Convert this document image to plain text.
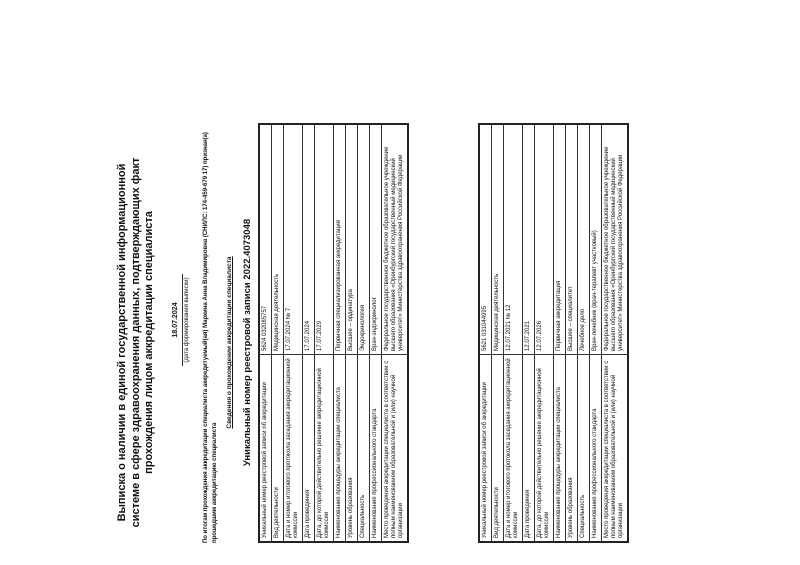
Выписка о наличии в единой государственной информационной системе в сфере здравоохранения данных, подтверждающих факт прохождения лицом аккредитации специалиста 18.07.2024 (дата формирования выписки) По итогам прохождения аккредитации специалиста аккредитуемый(ая) Маркина Анна Владимировна (СНИЛС: 174-459-679 17) признан(а) прошедшим аккредитацию специалиста
Сведения о прохождении аккредитации специалиста Уникальный номер реестровой записи 2022.4073048 Уникальный номер реестровой записи об аккредитации	5624 032085757
Вид деятельности	Медицинская деятельность
Дата и номер итогового протокола заседания аккредитационной комиссии	17.07.2024 № 7
Дата проведения	17.07.2024
Дата, до которой действительно решение аккредитационной комиссии	17.07.2029
Наименование процедуры аккредитации специалиста	Первичная специализированная аккредитация
Уровень образования	Высшее – ординатура
Специальность	Эндокринология
Наименование профессионального стандарта	Врач-эндокринолог
Место проведения аккредитации специалиста в соответствии с полным наименованием образовательной и (или) научной организации	Федеральное государственное бюджетное образовательное учреждение высшего образования «Оренбургский государственный медицинский университет» Министерства здравоохранения Российской Федерации
Уникальный номер реестровой записи об аккредитации	5621 031044995
Вид деятельности	Медицинская деятельность
Дата и номер итогового протокола заседания аккредитационной комиссии	12.07.2021 № 12
Дата проведения	12.07.2021
Дата, до которой действительно решение аккредитационной комиссии	12.07.2026
Наименование процедуры аккредитации специалиста	Первичная аккредитация
Уровень образования	Высшее – специалитет
Специальность	Лечебное дело
Наименование профессионального стандарта	Врач-лечебник (врач-терапевт участковый)
Место проведения аккредитации специалиста в соответствии с полным наименованием образовательной и (или) научной организации	Федеральное государственное бюджетное образовательное учреждение высшего образования «Оренбургский государственный медицинский университет» Министерства здравоохранения Российской Федерации
